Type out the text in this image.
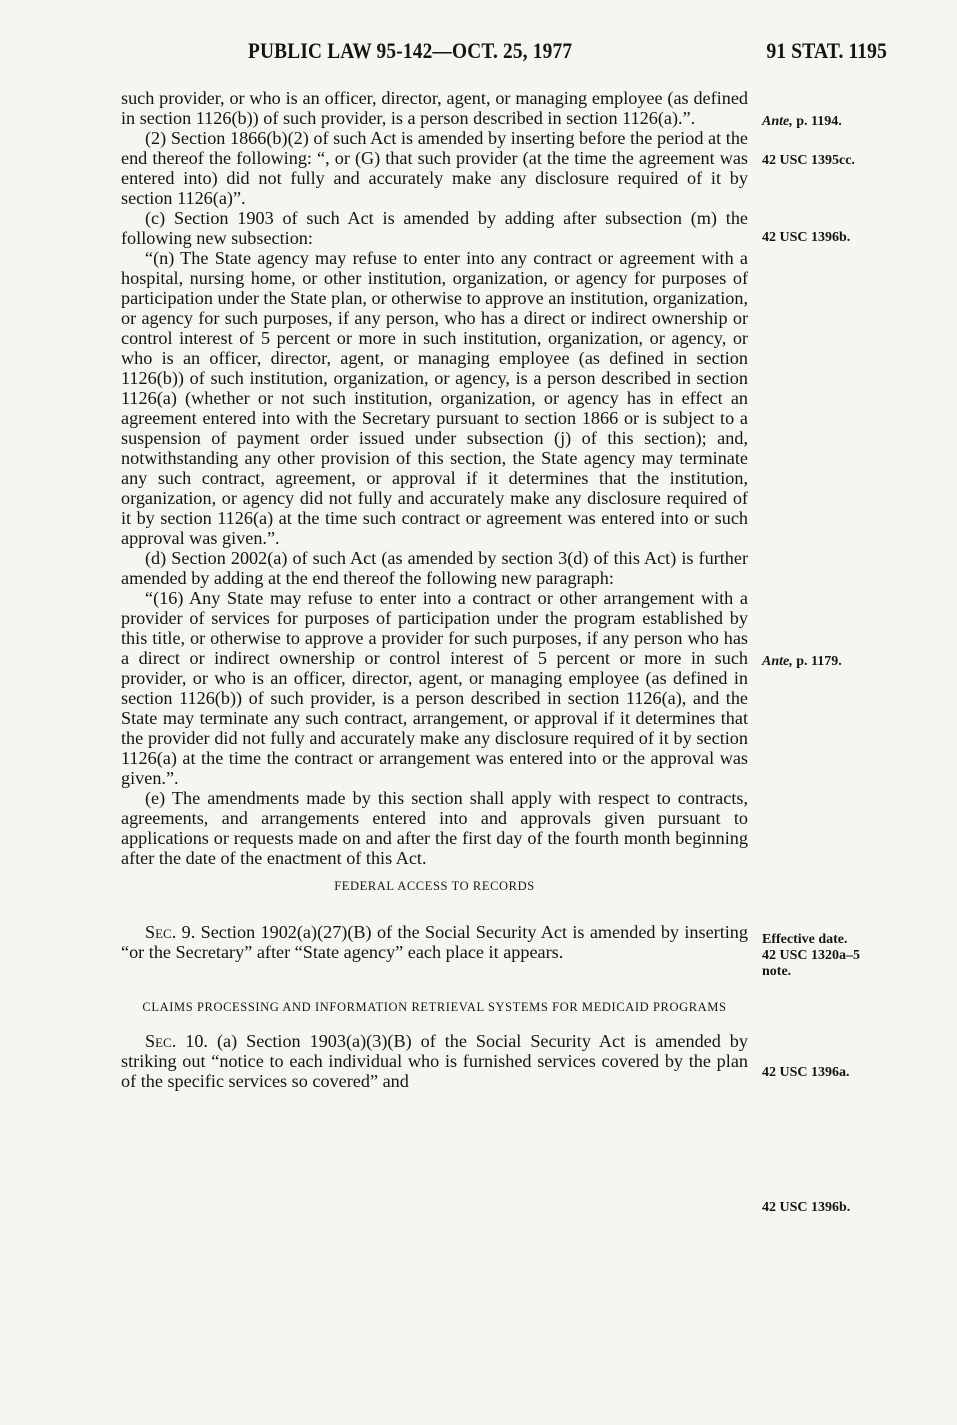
PUBLIC LAW 95-142—OCT. 25, 1977	91 STAT. 1195

such provider, or who is an officer, director, agent, or managing employee (as defined in section 1126(b)) of such provider, is a person described in section 1126(a).”.

(2) Section 1866(b)(2) of such Act is amended by inserting before the period at the end thereof the following: “, or (G) that such provider (at the time the agreement was entered into) did not fully and accurately make any disclosure required of it by section 1126(a)”.

(c) Section 1903 of such Act is amended by adding after subsection (m) the following new subsection:

“(n) The State agency may refuse to enter into any contract or agreement with a hospital, nursing home, or other institution, organization, or agency for purposes of participation under the State plan, or otherwise to approve an institution, organization, or agency for such purposes, if any person, who has a direct or indirect ownership or control interest of 5 percent or more in such institution, organization, or agency, or who is an officer, director, agent, or managing employee (as defined in section 1126(b)) of such institution, organization, or agency, is a person described in section 1126(a) (whether or not such institution, organization, or agency has in effect an agreement entered into with the Secretary pursuant to section 1866 or is subject to a suspension of payment order issued under subsection (j) of this section); and, notwithstanding any other provision of this section, the State agency may terminate any such contract, agreement, or approval if it determines that the institution, organization, or agency did not fully and accurately make any disclosure required of it by section 1126(a) at the time such contract or agreement was entered into or such approval was given.”.

(d) Section 2002(a) of such Act (as amended by section 3(d) of this Act) is further amended by adding at the end thereof the following new paragraph:

“(16) Any State may refuse to enter into a contract or other arrangement with a provider of services for purposes of participation under the program established by this title, or otherwise to approve a provider for such purposes, if any person who has a direct or indirect ownership or control interest of 5 percent or more in such provider, or who is an officer, director, agent, or managing employee (as defined in section 1126(b)) of such provider, is a person described in section 1126(a), and the State may terminate any such contract, arrangement, or approval if it determines that the provider did not fully and accurately make any disclosure required of it by section 1126(a) at the time the contract or arrangement was entered into or the approval was given.”.

(e) The amendments made by this section shall apply with respect to contracts, agreements, and arrangements entered into and approvals given pursuant to applications or requests made on and after the first day of the fourth month beginning after the date of the enactment of this Act.

FEDERAL ACCESS TO RECORDS

Sec. 9. Section 1902(a)(27)(B) of the Social Security Act is amended by inserting “or the Secretary” after “State agency” each place it appears.

CLAIMS PROCESSING AND INFORMATION RETRIEVAL SYSTEMS FOR MEDICAID PROGRAMS

Sec. 10. (a) Section 1903(a)(3)(B) of the Social Security Act is amended by striking out “notice to each individual who is furnished services covered by the plan of the specific services so covered” and

Ante, p. 1194.
42 USC 1395cc.
42 USC 1396b.
Ante, p. 1179.
Effective date.
42 USC 1320a–5
note.
42 USC 1396a.
42 USC 1396b.
